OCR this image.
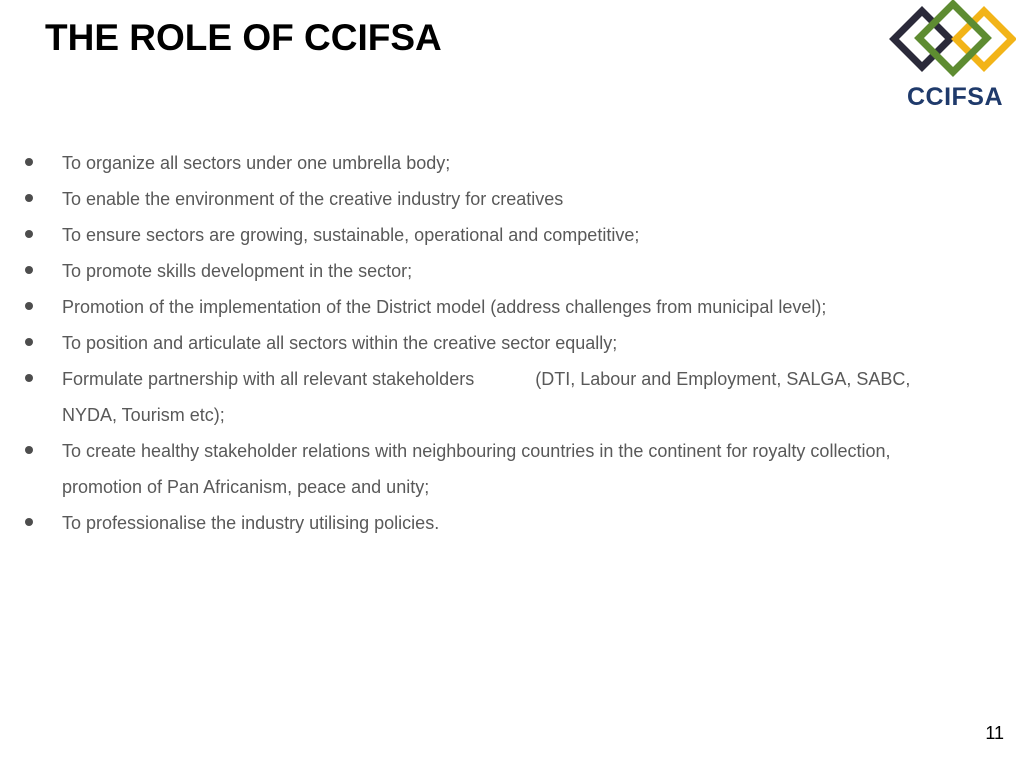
THE ROLE OF CCIFSA
CCIFSA
To organize all sectors under one umbrella body;
To enable the environment of the creative industry for creatives
To ensure sectors are growing, sustainable, operational and competitive;
To promote skills development in the sector;
Promotion of the implementation of the District model (address challenges from municipal level);
To position and articulate all sectors within the creative sector equally;
Formulate partnership with all relevant stakeholders	(DTI, Labour and Employment, SALGA, SABC, NYDA, Tourism etc);
To create healthy stakeholder relations with neighbouring countries in the continent for royalty collection, promotion of Pan Africanism, peace and unity;
To professionalise the industry utilising policies.
11
